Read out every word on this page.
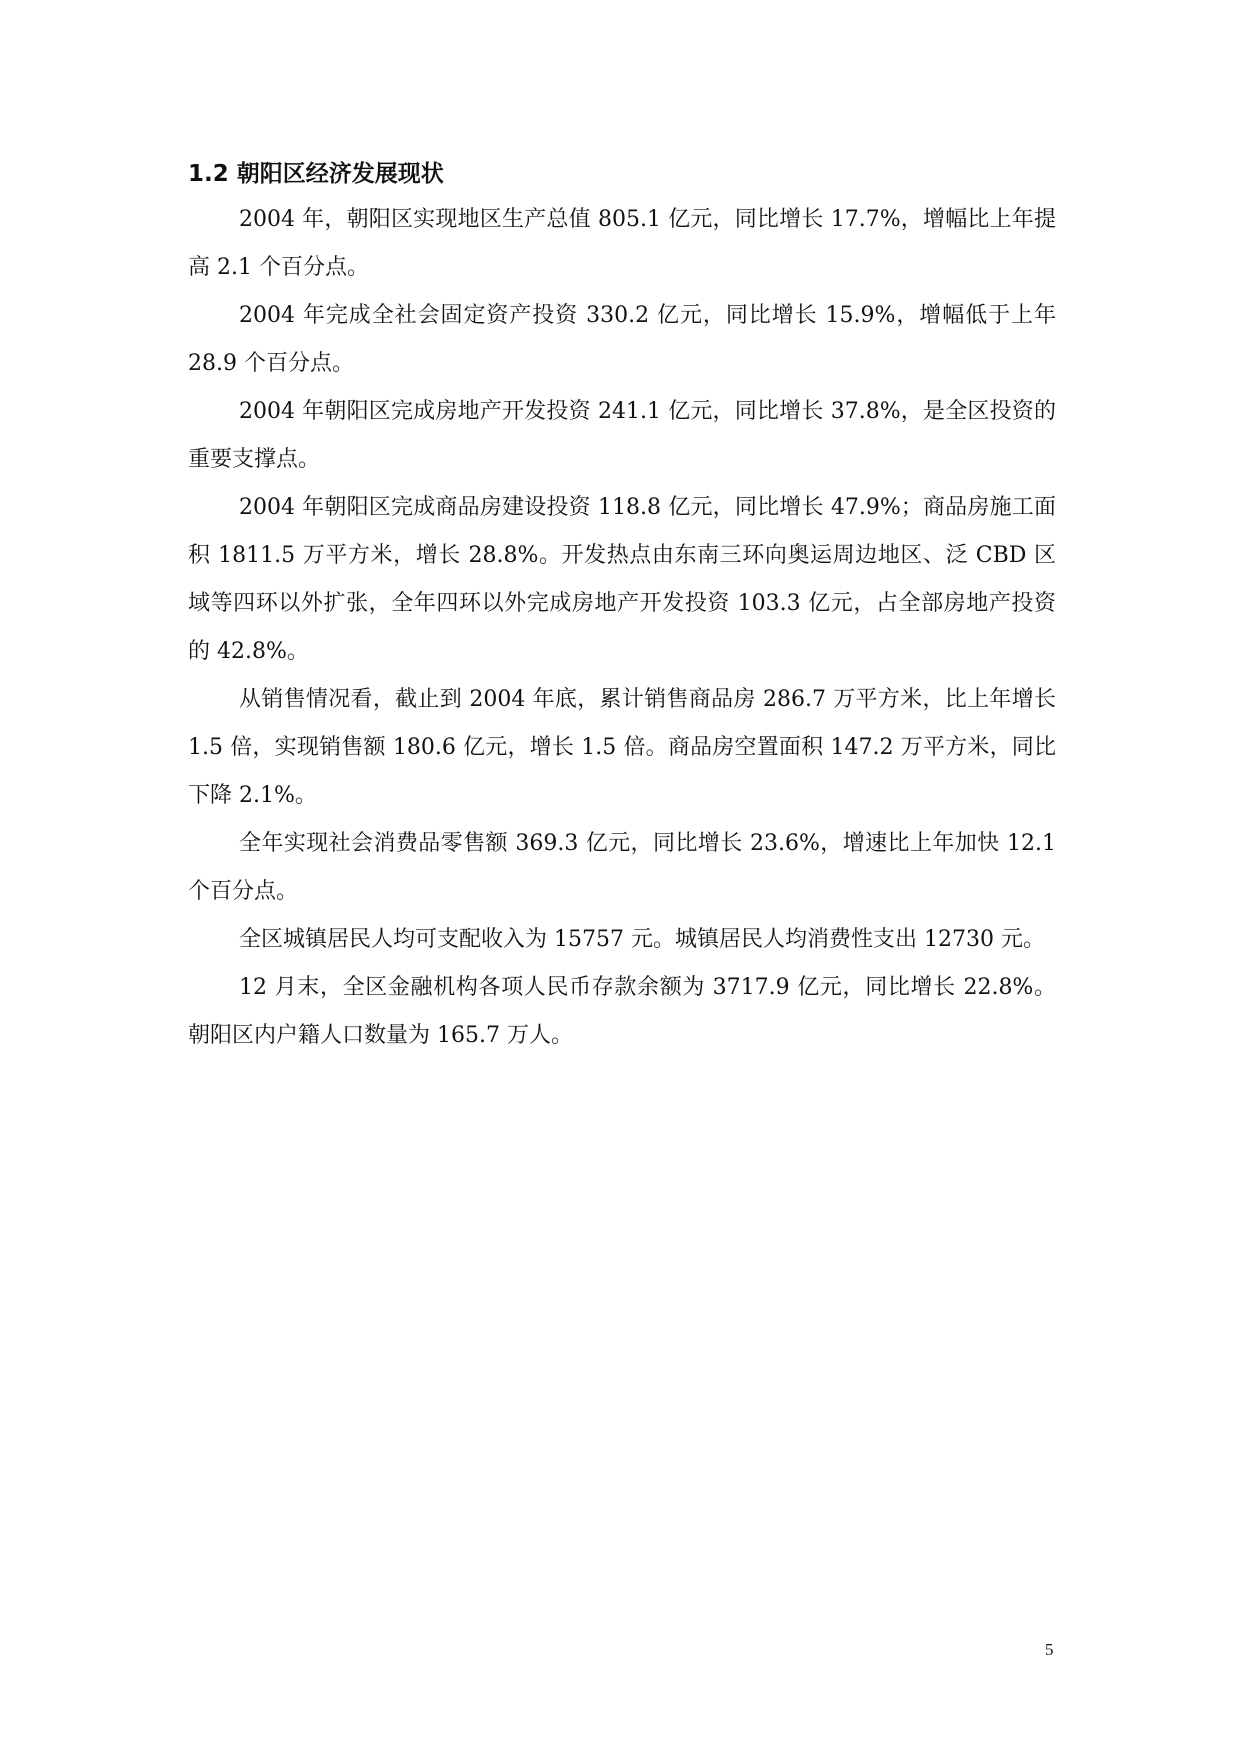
1.2 朝阳区经济发展现状

2004 年，朝阳区实现地区生产总值 805.1 亿元，同比增长 17.7%，增幅比上年提高 2.1 个百分点。

2004 年完成全社会固定资产投资 330.2 亿元，同比增长 15.9%，增幅低于上年 28.9 个百分点。

2004 年朝阳区完成房地产开发投资 241.1 亿元，同比增长 37.8%，是全区投资的重要支撑点。

2004 年朝阳区完成商品房建设投资 118.8 亿元，同比增长 47.9%；商品房施工面积 1811.5 万平方米，增长 28.8%。开发热点由东南三环向奥运周边地区、泛 CBD 区域等四环以外扩张，全年四环以外完成房地产开发投资 103.3 亿元，占全部房地产投资的 42.8%。

从销售情况看，截止到 2004 年底，累计销售商品房 286.7 万平方米，比上年增长 1.5 倍，实现销售额 180.6 亿元，增长 1.5 倍。商品房空置面积 147.2 万平方米，同比下降 2.1%。

全年实现社会消费品零售额 369.3 亿元，同比增长 23.6%，增速比上年加快 12.1 个百分点。

全区城镇居民人均可支配收入为 15757 元。城镇居民人均消费性支出 12730 元。

12 月末，全区金融机构各项人民币存款余额为 3717.9 亿元，同比增长 22.8%。朝阳区内户籍人口数量为 165.7 万人。

5
